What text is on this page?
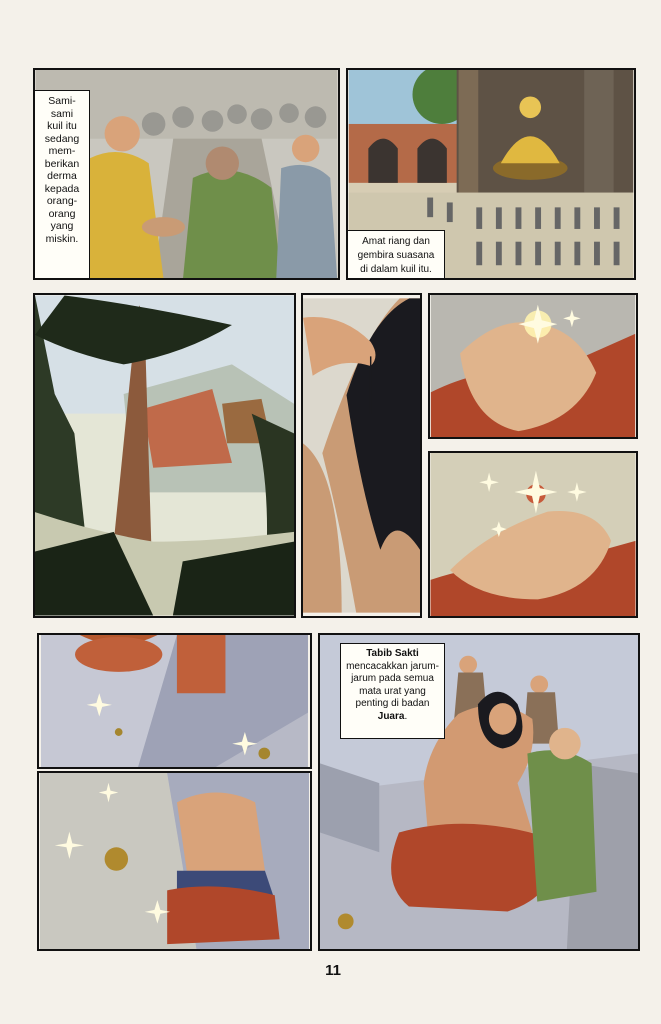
Sami-sami
kuil itu
sedang
mem-
berikan
derma
kepada
orang-
orang
yang
miskin.	Amat riang dan
gembira suasana
di dalam kuil itu.
Tabib Sakti mencacakkan jarum-jarum pada semua mata urat yang penting di badan Juara.
11
